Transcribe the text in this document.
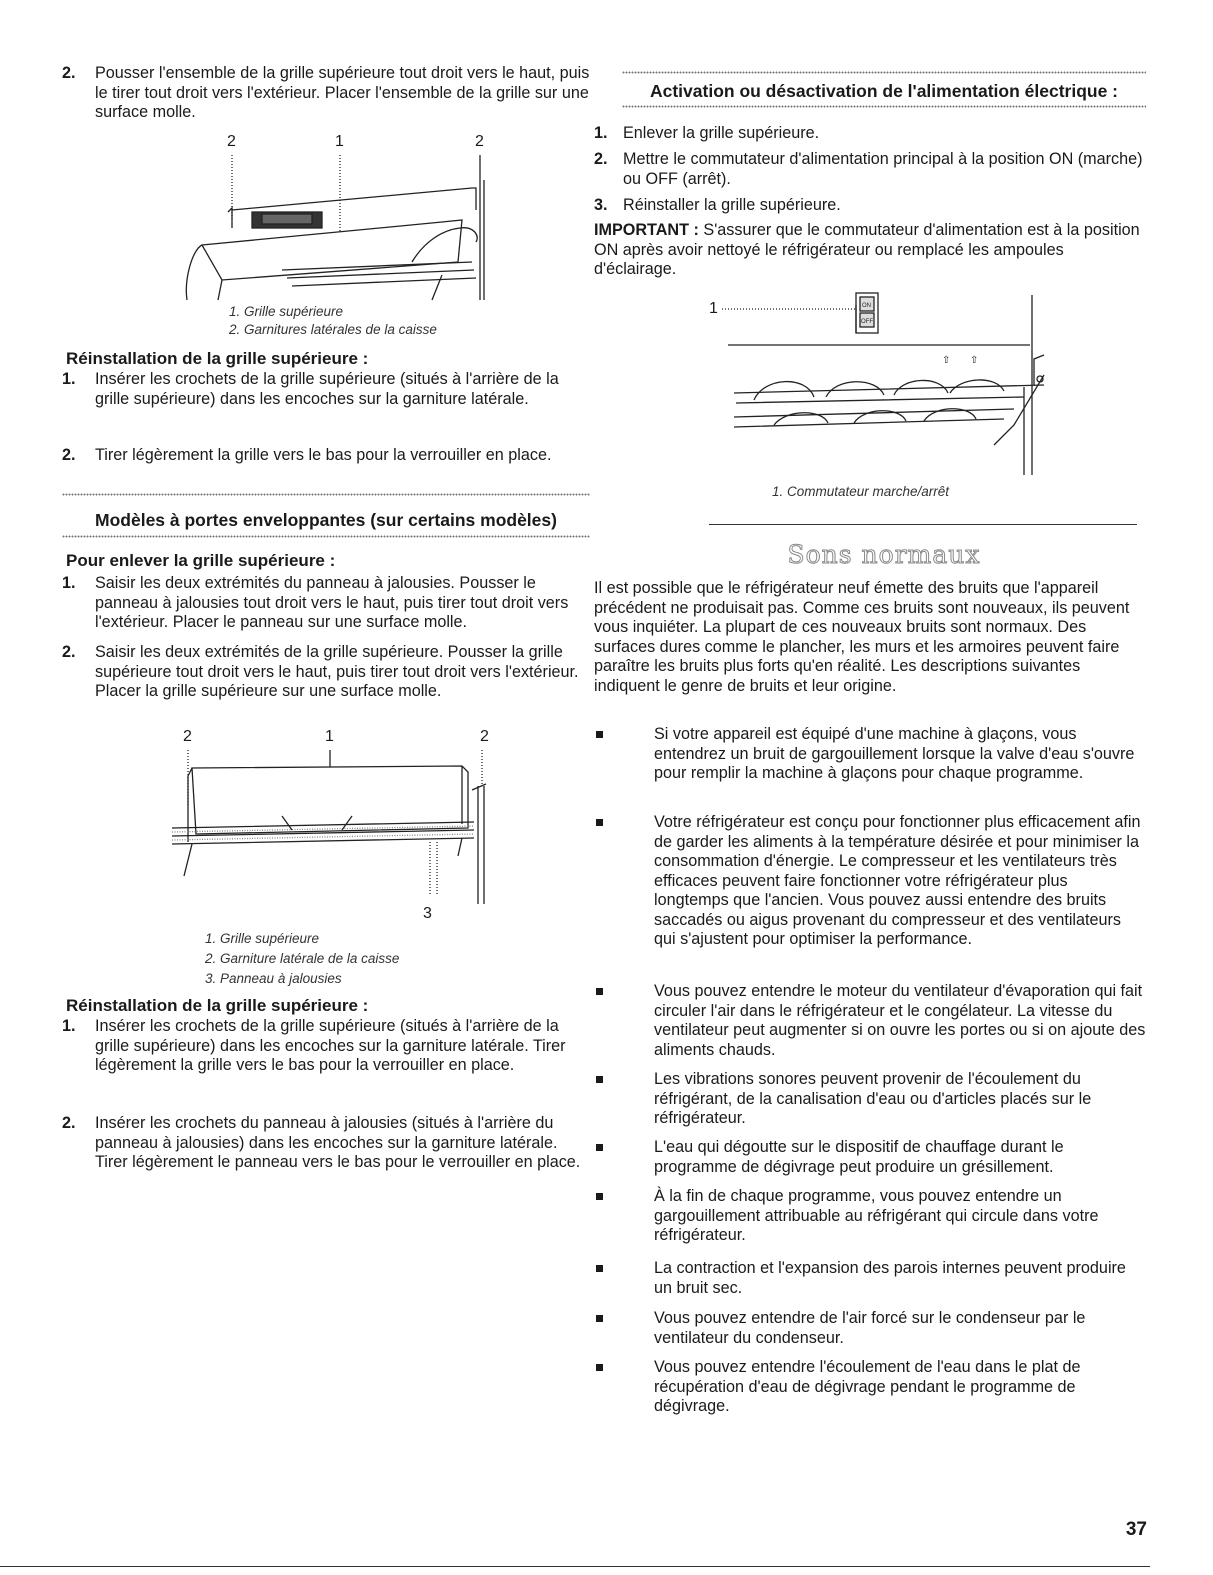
2. Pousser l'ensemble de la grille supérieure tout droit vers le haut, puis le tirer tout droit vers l'extérieur. Placer l'ensemble de la grille sur une surface molle.
2	1	2
1. Grille supérieure
2. Garnitures latérales de la caisse
Réinstallation de la grille supérieure :
1. Insérer les crochets de la grille supérieure (situés à l'arrière de la grille supérieure) dans les encoches sur la garniture latérale.
2. Tirer légèrement la grille vers le bas pour la verrouiller en place.
Modèles à portes enveloppantes (sur certains modèles)
Pour enlever la grille supérieure :
1. Saisir les deux extrémités du panneau à jalousies. Pousser le panneau à jalousies tout droit vers le haut, puis tirer tout droit vers l'extérieur. Placer le panneau sur une surface molle.
2. Saisir les deux extrémités de la grille supérieure. Pousser la grille supérieure tout droit vers le haut, puis tirer tout droit vers l'extérieur. Placer la grille supérieure sur une surface molle.
2	1	2
3
1. Grille supérieure
2. Garniture latérale de la caisse
3. Panneau à jalousies
Réinstallation de la grille supérieure :
1. Insérer les crochets de la grille supérieure (situés à l'arrière de la grille supérieure) dans les encoches sur la garniture latérale. Tirer légèrement la grille vers le bas pour la verrouiller en place.
2. Insérer les crochets du panneau à jalousies (situés à l'arrière du panneau à jalousies) dans les encoches sur la garniture latérale. Tirer légèrement le panneau vers le bas pour le verrouiller en place.
Activation ou désactivation de l'alimentation électrique :
1. Enlever la grille supérieure.
2. Mettre le commutateur d'alimentation principal à la position ON (marche) ou OFF (arrêt).
3. Réinstaller la grille supérieure.
IMPORTANT : S'assurer que le commutateur d'alimentation est à la position ON après avoir nettoyé le réfrigérateur ou remplacé les ampoules d'éclairage.
1
⇧ ⇧
ON
OFF
1. Commutateur marche/arrêt
Sons normaux
Il est possible que le réfrigérateur neuf émette des bruits que l'appareil précédent ne produisait pas. Comme ces bruits sont nouveaux, ils peuvent vous inquiéter. La plupart de ces nouveaux bruits sont normaux. Des surfaces dures comme le plancher, les murs et les armoires peuvent faire paraître les bruits plus forts qu'en réalité. Les descriptions suivantes indiquent le genre de bruits et leur origine.
Si votre appareil est équipé d'une machine à glaçons, vous entendrez un bruit de gargouillement lorsque la valve d'eau s'ouvre pour remplir la machine à glaçons pour chaque programme.
Votre réfrigérateur est conçu pour fonctionner plus efficacement afin de garder les aliments à la température désirée et pour minimiser la consommation d'énergie. Le compresseur et les ventilateurs très efficaces peuvent faire fonctionner votre réfrigérateur plus longtemps que l'ancien. Vous pouvez aussi entendre des bruits saccadés ou aigus provenant du compresseur et des ventilateurs qui s'ajustent pour optimiser la performance.
Vous pouvez entendre le moteur du ventilateur d'évaporation qui fait circuler l'air dans le réfrigérateur et le congélateur. La vitesse du ventilateur peut augmenter si on ouvre les portes ou si on ajoute des aliments chauds.
Les vibrations sonores peuvent provenir de l'écoulement du réfrigérant, de la canalisation d'eau ou d'articles placés sur le réfrigérateur.
L'eau qui dégoutte sur le dispositif de chauffage durant le programme de dégivrage peut produire un grésillement.
À la fin de chaque programme, vous pouvez entendre un gargouillement attribuable au réfrigérant qui circule dans votre réfrigérateur.
La contraction et l'expansion des parois internes peuvent produire un bruit sec.
Vous pouvez entendre de l'air forcé sur le condenseur par le ventilateur du condenseur.
Vous pouvez entendre l'écoulement de l'eau dans le plat de récupération d'eau de dégivrage pendant le programme de dégivrage.
37
